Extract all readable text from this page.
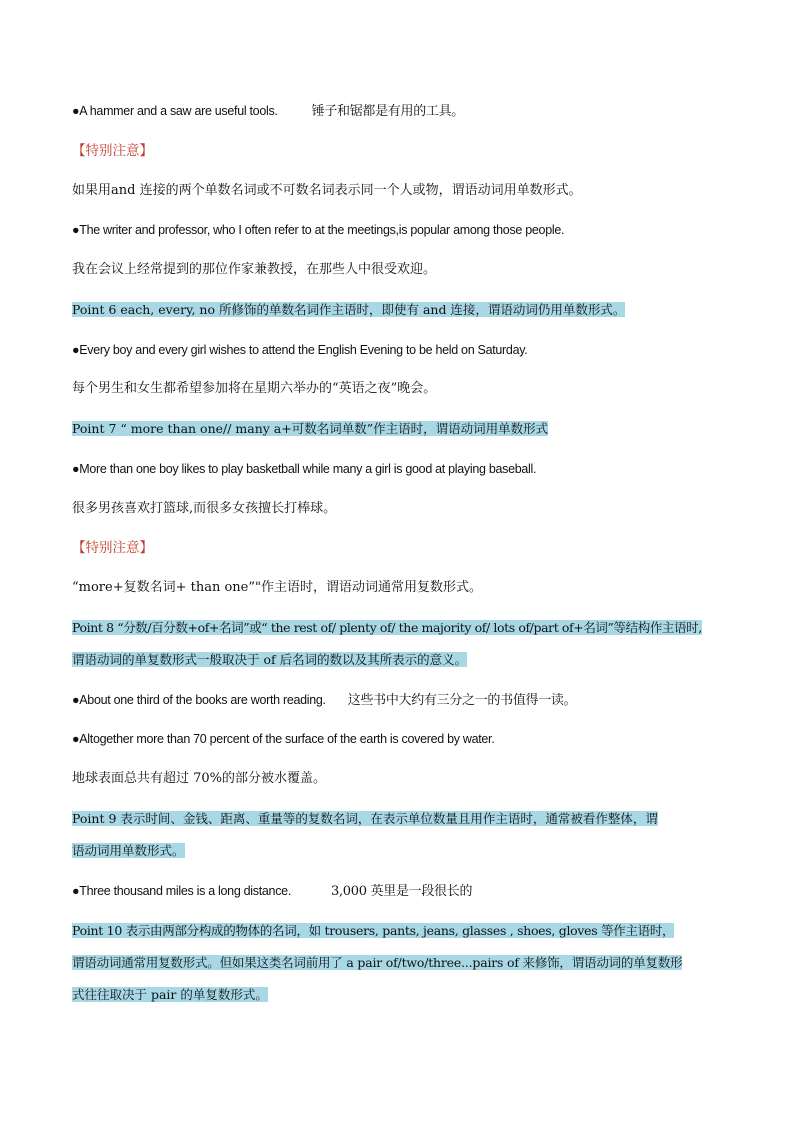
●A hammer and a saw are useful tools.	锤子和锯都是有用的工具。
【特别注意】
如果用and 连接的两个单数名词或不可数名词表示同一个人或物，谓语动词用单数形式。
●The writer and professor, who I often refer to at the meetings,is popular among those people.
我在会议上经常提到的那位作家兼教授，在那些人中很受欢迎。
Point 6 each, every, no 所修饰的单数名词作主语时，即使有 and 连接，谓语动词仍用单数形式。
●Every boy and every girl wishes to attend the English Evening to be held on Saturday.
每个男生和女生都希望参加将在星期六举办的“英语之夜”晚会。
Point 7 “ more than one// many a+可数名词单数”作主语时，谓语动词用单数形式
●More than one boy likes to play basketball while many a girl is good at playing baseball.
很多男孩喜欢打篮球,而很多女孩擅长打棒球。
【特别注意】
“more+复数名词+ than one”"作主语时，谓语动词通常用复数形式。
Point 8 “分数/百分数+of+名词”或“ the rest of/ plenty of/ the majority of/ lots of/part of+名词”等结构作主语时,
谓语动词的单复数形式一般取决于 of 后名词的数以及其所表示的意义。
●About one third of the books are worth reading. 这些书中大约有三分之一的书值得一读。
●Altogether more than 70 percent of the surface of the earth is covered by water.
地球表面总共有超过 70%的部分被水覆盖。
Point 9 表示时间、金钱、距离、重量等的复数名词，在表示单位数量且用作主语时，通常被看作整体，谓
语动词用单数形式。
●Three thousand miles is a long distance.	3,000 英里是一段很长的
Point 10 表示由两部分构成的物体的名词，如 trousers, pants, jeans, glasses , shoes, gloves 等作主语时，
谓语动词通常用复数形式。但如果这类名词前用了 a pair of/two/three...pairs of 来修饰，谓语动词的单复数形
式往往取决于 pair 的单复数形式。
